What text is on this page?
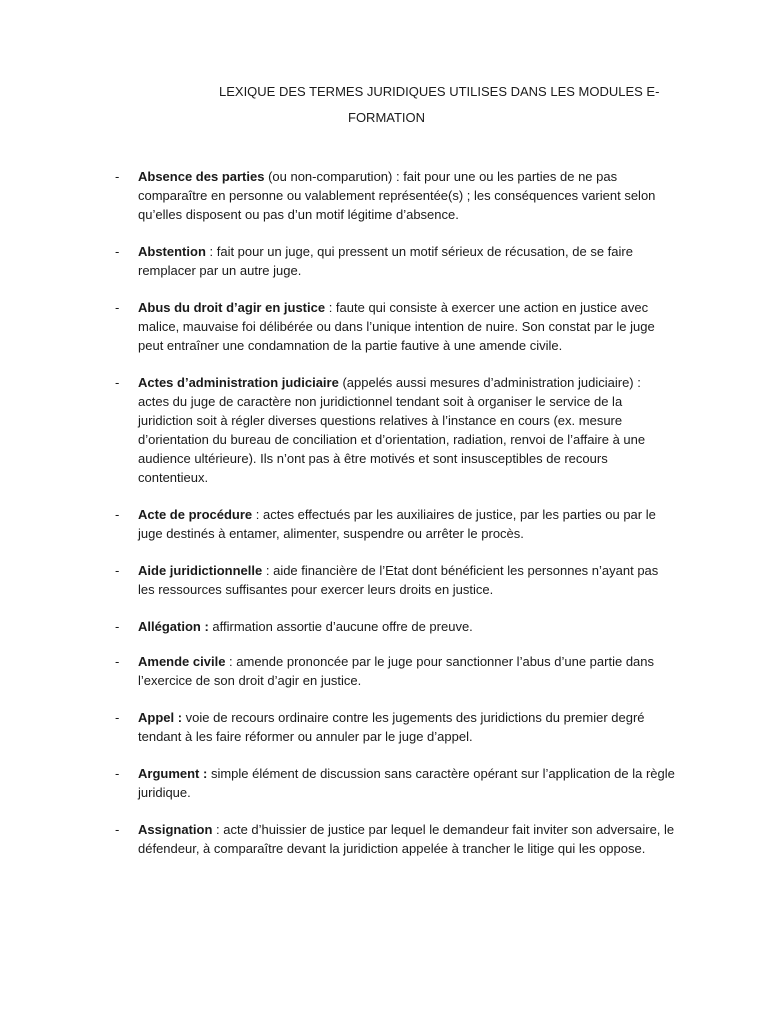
LEXIQUE DES TERMES JURIDIQUES UTILISES DANS LES MODULES E-
FORMATION
- Absence des parties (ou non-comparution) : fait pour une ou les parties de ne pas comparaître en personne ou valablement représentée(s) ; les conséquences varient selon qu’elles disposent ou pas d’un motif légitime d’absence.
- Abstention : fait pour un juge, qui pressent un motif sérieux de récusation, de se faire remplacer par un autre juge.
- Abus du droit d’agir en justice : faute qui consiste à exercer une action en justice avec malice, mauvaise foi délibérée ou dans l’unique intention de nuire. Son constat par le juge peut entraîner une condamnation de la partie fautive à une amende civile.
- Actes d’administration judiciaire (appelés aussi mesures d’administration judiciaire) : actes du juge de caractère non juridictionnel tendant soit à organiser le service de la juridiction soit à régler diverses questions relatives à l’instance en cours (ex. mesure d’orientation du bureau de conciliation et d’orientation, radiation, renvoi de l’affaire à une audience ultérieure). Ils n’ont pas à être motivés et sont insusceptibles de recours contentieux.
- Acte de procédure : actes effectués par les auxiliaires de justice, par les parties ou par le juge destinés à entamer, alimenter, suspendre ou arrêter le procès.
- Aide juridictionnelle : aide financière de l’Etat dont bénéficient les personnes n’ayant pas les ressources suffisantes pour exercer leurs droits en justice.
- Allégation : affirmation assortie d’aucune offre de preuve.
- Amende civile : amende prononcée par le juge pour sanctionner l’abus d’une partie dans l’exercice de son droit d’agir en justice.
- Appel : voie de recours ordinaire contre les jugements des juridictions du premier degré tendant à les faire réformer ou annuler par le juge d’appel.
- Argument : simple élément de discussion sans caractère opérant sur l’application de la règle juridique.
- Assignation : acte d’huissier de justice par lequel le demandeur fait inviter son adversaire, le défendeur, à comparaître devant la juridiction appelée à trancher le litige qui les oppose.
